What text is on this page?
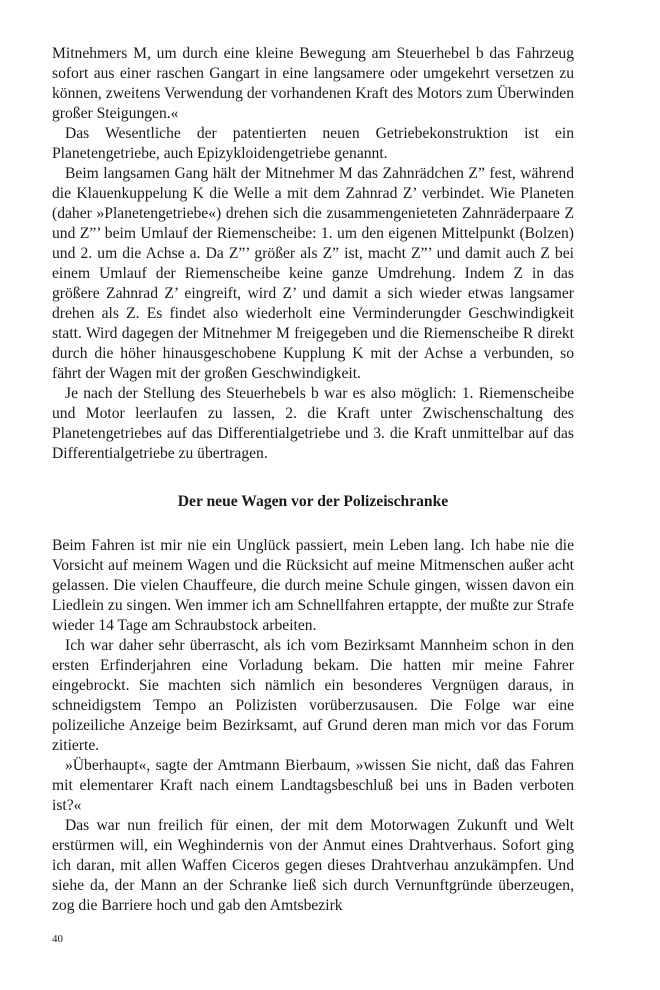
Mitnehmers M, um durch eine kleine Bewegung am Steuerhebel b das Fahrzeug sofort aus einer raschen Gangart in eine langsamere oder umgekehrt versetzen zu können, zweitens Verwendung der vorhandenen Kraft des Motors zum Überwinden großer Steigungen.«

Das Wesentliche der patentierten neuen Getriebekonstruktion ist ein Planetengetriebe, auch Epizykloidengetriebe genannt.

Beim langsamen Gang hält der Mitnehmer M das Zahnrädchen Z” fest, während die Klauenkuppelung K die Welle a mit dem Zahnrad Z’ verbindet. Wie Planeten (daher »Planetengetriebe«) drehen sich die zusammengenieteten Zahnräderpaare Z und Z”’ beim Umlauf der Riemenscheibe: 1. um den eigenen Mittelpunkt (Bolzen) und 2. um die Achse a. Da Z”’ größer als Z” ist, macht Z”’ und damit auch Z bei einem Umlauf der Riemenscheibe keine ganze Umdrehung. Indem Z in das größere Zahnrad Z’ eingreift, wird Z’ und damit a sich wieder etwas langsamer drehen als Z. Es findet also wiederholt eine Verminderungder Geschwindigkeit statt. Wird dagegen der Mitnehmer M freigegeben und die Riemenscheibe R direkt durch die höher hinausgeschobene Kupplung K mit der Achse a verbunden, so fährt der Wagen mit der großen Geschwindigkeit.

Je nach der Stellung des Steuerhebels b war es also möglich: 1. Riemenscheibe und Motor leerlaufen zu lassen, 2. die Kraft unter Zwischenschaltung des Planetengetriebes auf das Differentialgetriebe und 3. die Kraft unmittelbar auf das Differentialgetriebe zu übertragen.

Der neue Wagen vor der Polizeischranke

Beim Fahren ist mir nie ein Unglück passiert, mein Leben lang. Ich habe nie die Vorsicht auf meinem Wagen und die Rücksicht auf meine Mitmenschen außer acht gelassen. Die vielen Chauffeure, die durch meine Schule gingen, wissen davon ein Liedlein zu singen. Wen immer ich am Schnellfahren ertappte, der mußte zur Strafe wieder 14 Tage am Schraubstock arbeiten.

Ich war daher sehr überrascht, als ich vom Bezirksamt Mannheim schon in den ersten Erfinderjahren eine Vorladung bekam. Die hatten mir meine Fahrer eingebrockt. Sie machten sich nämlich ein besonderes Vergnügen daraus, in schneidigstem Tempo an Polizisten vorüberzusausen. Die Folge war eine polizeiliche Anzeige beim Bezirksamt, auf Grund deren man mich vor das Forum zitierte.

»Überhaupt«, sagte der Amtmann Bierbaum, »wissen Sie nicht, daß das Fahren mit elementarer Kraft nach einem Landtagsbeschluß bei uns in Baden verboten ist?«

Das war nun freilich für einen, der mit dem Motorwagen Zukunft und Welt erstürmen will, ein Weghindernis von der Anmut eines Drahtverhaus. Sofort ging ich daran, mit allen Waffen Ciceros gegen dieses Drahtverhau anzukämpfen. Und siehe da, der Mann an der Schranke ließ sich durch Vernunftgründe überzeugen, zog die Barriere hoch und gab den Amtsbezirk

40
